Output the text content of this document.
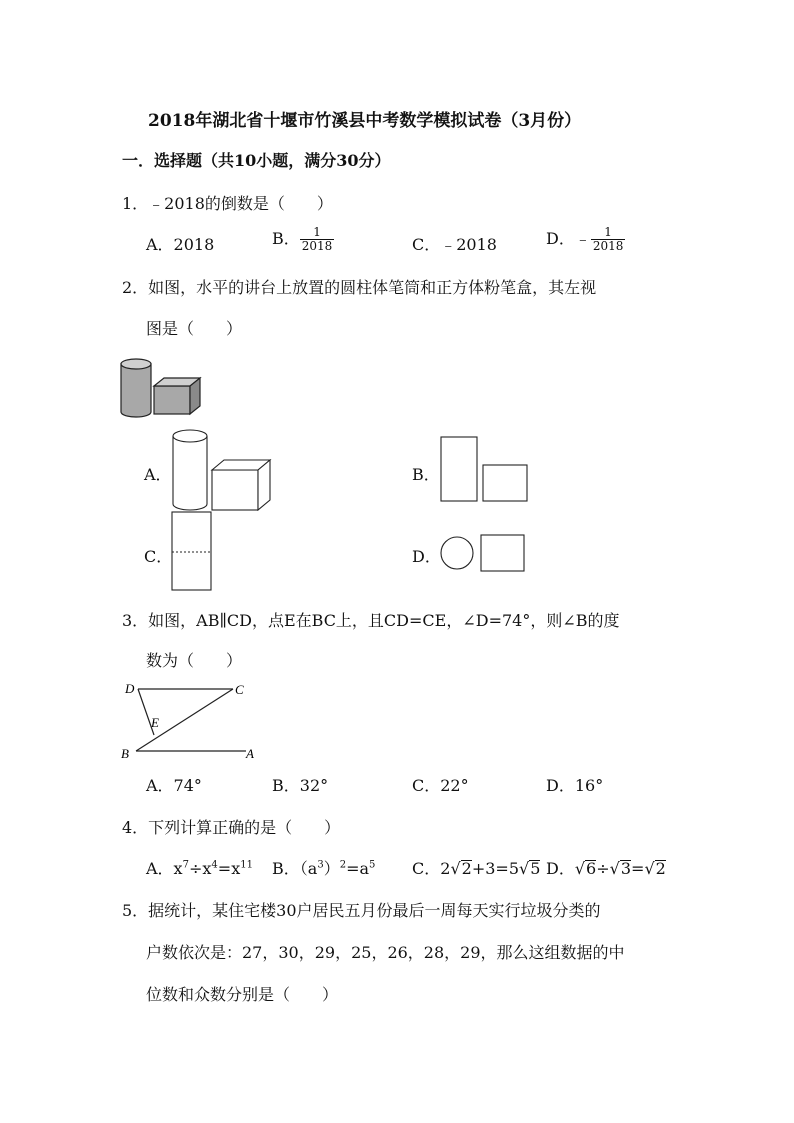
2018年湖北省十堰市竹溪县中考数学模拟试卷（3月份）
一．选择题（共10小题，满分30分）
1．﹣2018的倒数是（　　）
A．2018	B． $\frac{1}{2018}$	C．﹣2018	D．﹣ $\frac{1}{2018}$
2．如图，水平的讲台上放置的圆柱体笔筒和正方体粉笔盒，其左视
图是（　　）
A．	B．
C．	D．
3．如图，AB∥CD，点E在BC上，且CD=CE，∠D=74°，则∠B的度
数为（　　）
D	C
E
B	A
A．74°	B．32°	C．22°	D．16°
4．下列计算正确的是（　　）
A．$x^7\div x^4=x^{11}$ B．$(a^3)^2=a^5$ C．2√2+3=5√5 D．√6÷√3=√2
5．据统计，某住宅楼30户居民五月份最后一周每天实行垃圾分类的
户数依次是：27，30，29，25，26，28，29，那么这组数据的中
位数和众数分别是（　　）
